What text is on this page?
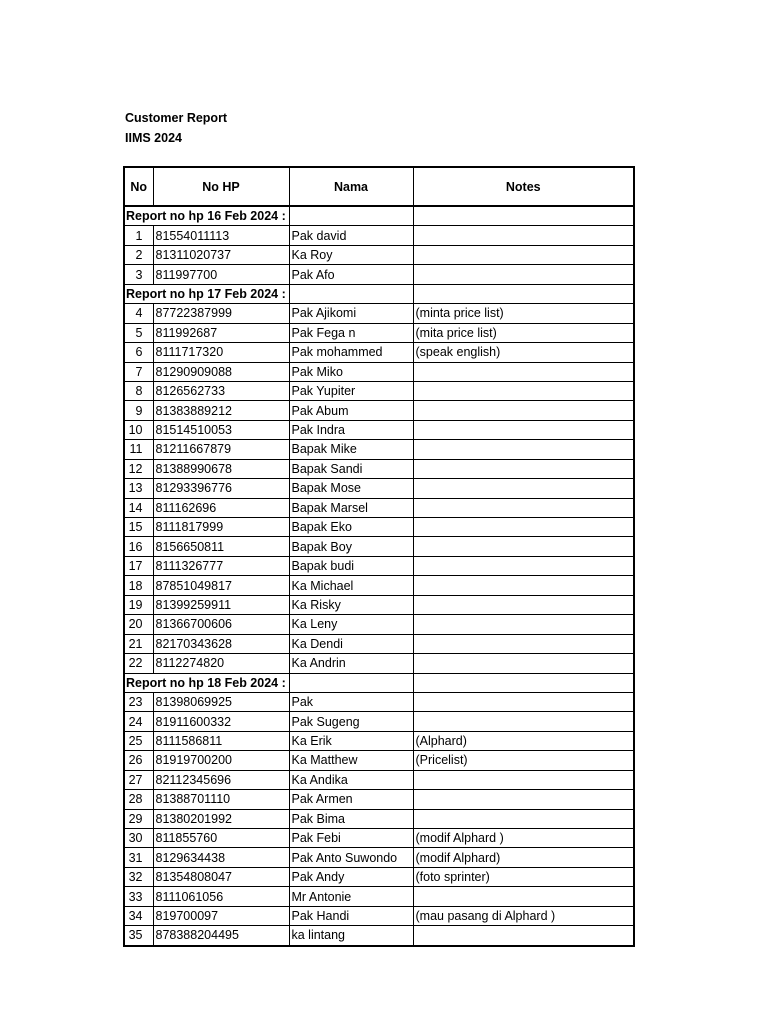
Customer Report
IIMS 2024
No	No HP	Nama	Notes

Report no hp 16 Feb 2024 :			

1	81554011113	Pak david	
2	81311020737	Ka Roy	
3	811997700	Pak Afo	

Report no hp 17 Feb 2024 :			

4	87722387999	Pak Ajikomi	(minta price list)
5	811992687	Pak Fega n	(mita price list)
6	8111717320	Pak mohammed	(speak english)
7	81290909088	Pak Miko	
8	8126562733	Pak Yupiter	
9	81383889212	Pak Abum	
10	81514510053	Pak Indra	
11	81211667879	Bapak Mike	
12	81388990678	Bapak Sandi	
13	81293396776	Bapak Mose	
14	811162696	Bapak Marsel	
15	8111817999	Bapak Eko	
16	8156650811	Bapak Boy	
17	8111326777	Bapak budi	
18	87851049817	Ka Michael	
19	81399259911	Ka Risky	
20	81366700606	Ka Leny	
21	82170343628	Ka Dendi	
22	8112274820	Ka Andrin	

Report no hp 18 Feb 2024 :			

23	81398069925	Pak	
24	81911600332	Pak Sugeng	
25	8111586811	Ka Erik	(Alphard)
26	81919700200	Ka Matthew	(Pricelist)
27	82112345696	Ka Andika	
28	81388701110	Pak Armen	
29	81380201992	Pak Bima	
30	811855760	Pak Febi	(modif Alphard )
31	8129634438	Pak Anto Suwondo	(modif Alphard)
32	81354808047	Pak Andy	(foto sprinter)
33	8111061056	Mr Antonie	
34	819700097	Pak Handi	(mau pasang di Alphard )
35	878388204495	ka lintang	
